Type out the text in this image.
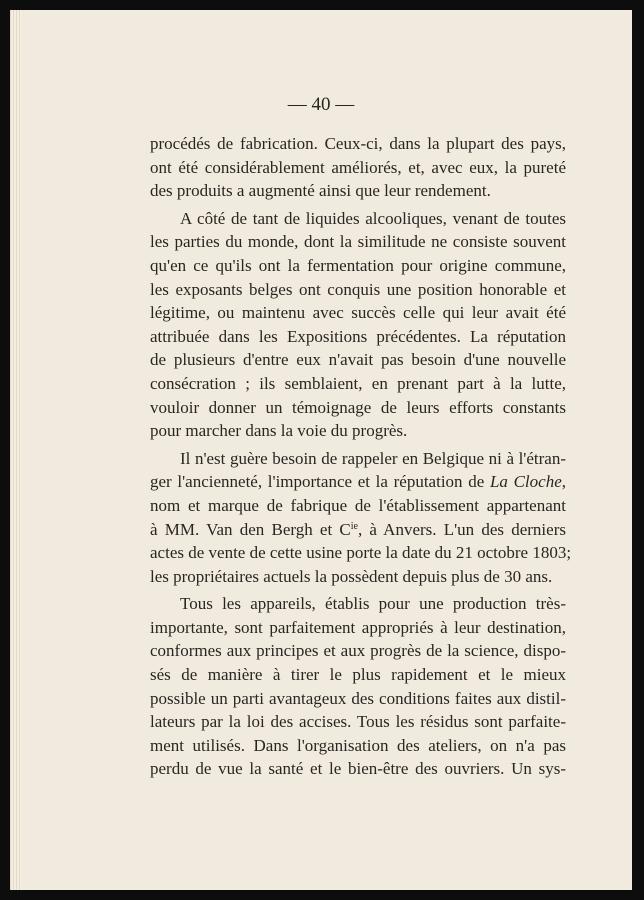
— 40 —
procédés de fabrication. Ceux-ci, dans la plupart des pays,
ont été considérablement améliorés, et, avec eux, la pureté
des produits a augmenté ainsi que leur rendement.
A côté de tant de liquides alcooliques, venant de toutes
les parties du monde, dont la similitude ne consiste souvent
qu'en ce qu'ils ont la fermentation pour origine commune,
les exposants belges ont conquis une position honorable et
légitime, ou maintenu avec succès celle qui leur avait été
attribuée dans les Expositions précédentes. La réputation
de plusieurs d'entre eux n'avait pas besoin d'une nouvelle
consécration ; ils semblaient, en prenant part à la lutte,
vouloir donner un témoignage de leurs efforts constants
pour marcher dans la voie du progrès.
Il n'est guère besoin de rappeler en Belgique ni à l'étran-
ger l'ancienneté, l'importance et la réputation de La Cloche,
nom et marque de fabrique de l'établissement appartenant
à MM. Van den Bergh et $C^{ie}$, à Anvers. L'un des derniers
actes de vente de cette usine porte la date du 21 octobre 1803;
les propriétaires actuels la possèdent depuis plus de 30 ans.
Tous les appareils, établis pour une production très-
importante, sont parfaitement appropriés à leur destination,
conformes aux principes et aux progrès de la science, dispo-
sés de manière à tirer le plus rapidement et le mieux
possible un parti avantageux des conditions faites aux distil-
lateurs par la loi des accises. Tous les résidus sont parfaite-
ment utilisés. Dans l'organisation des ateliers, on n'a pas
perdu de vue la santé et le bien-être des ouvriers. Un sys-
